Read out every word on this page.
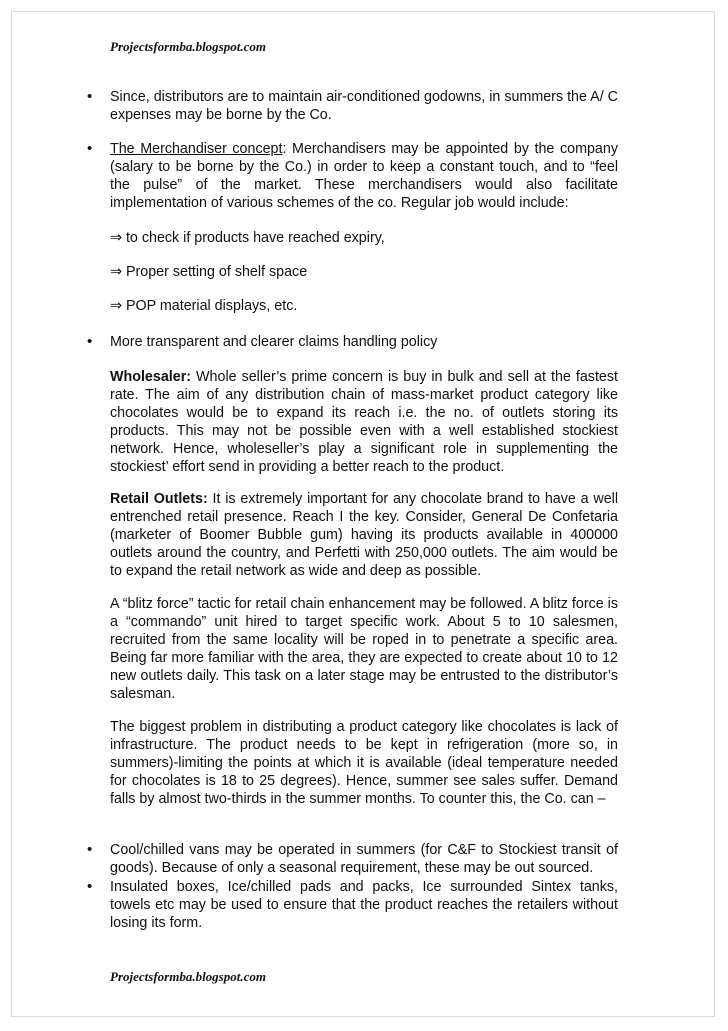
Projectsformba.blogspot.com
• Since, distributors are to maintain air-conditioned godowns, in summers the A/ C expenses may be borne by the Co.
• The Merchandiser concept: Merchandisers may be appointed by the company (salary to be borne by the Co.) in order to keep a constant touch, and to “feel the pulse” of the market. These merchandisers would also facilitate implementation of various schemes of the co. Regular job would include:
⇒ to check if products have reached expiry,
⇒ Proper setting of shelf space
⇒ POP material displays, etc.
• More transparent and clearer claims handling policy
Wholesaler: Whole seller’s prime concern is buy in bulk and sell at the fastest rate. The aim of any distribution chain of mass-market product category like chocolates would be to expand its reach i.e. the no. of outlets storing its products. This may not be possible even with a well established stockiest network. Hence, wholeseller’s play a significant role in supplementing the stockiest’ effort send in providing a better reach to the product.
Retail Outlets: It is extremely important for any chocolate brand to have a well entrenched retail presence. Reach I the key. Consider, General De Confetaria (marketer of Boomer Bubble gum) having its products available in 400000 outlets around the country, and Perfetti with 250,000 outlets. The aim would be to expand the retail network as wide and deep as possible.
A “blitz force” tactic for retail chain enhancement may be followed. A blitz force is a “commando” unit hired to target specific work. About 5 to 10 salesmen, recruited from the same locality will be roped in to penetrate a specific area. Being far more familiar with the area, they are expected to create about 10 to 12 new outlets daily. This task on a later stage may be entrusted to the distributor’s salesman.
The biggest problem in distributing a product category like chocolates is lack of infrastructure. The product needs to be kept in refrigeration (more so, in summers)-limiting the points at which it is available (ideal temperature needed for chocolates is 18 to 25 degrees). Hence, summer see sales suffer. Demand falls by almost two-thirds in the summer months. To counter this, the Co. can –
• Cool/chilled vans may be operated in summers (for C&F to Stockiest transit of goods). Because of only a seasonal requirement, these may be out sourced.
• Insulated boxes, Ice/chilled pads and packs, Ice surrounded Sintex tanks, towels etc may be used to ensure that the product reaches the retailers without losing its form.
Projectsformba.blogspot.com
